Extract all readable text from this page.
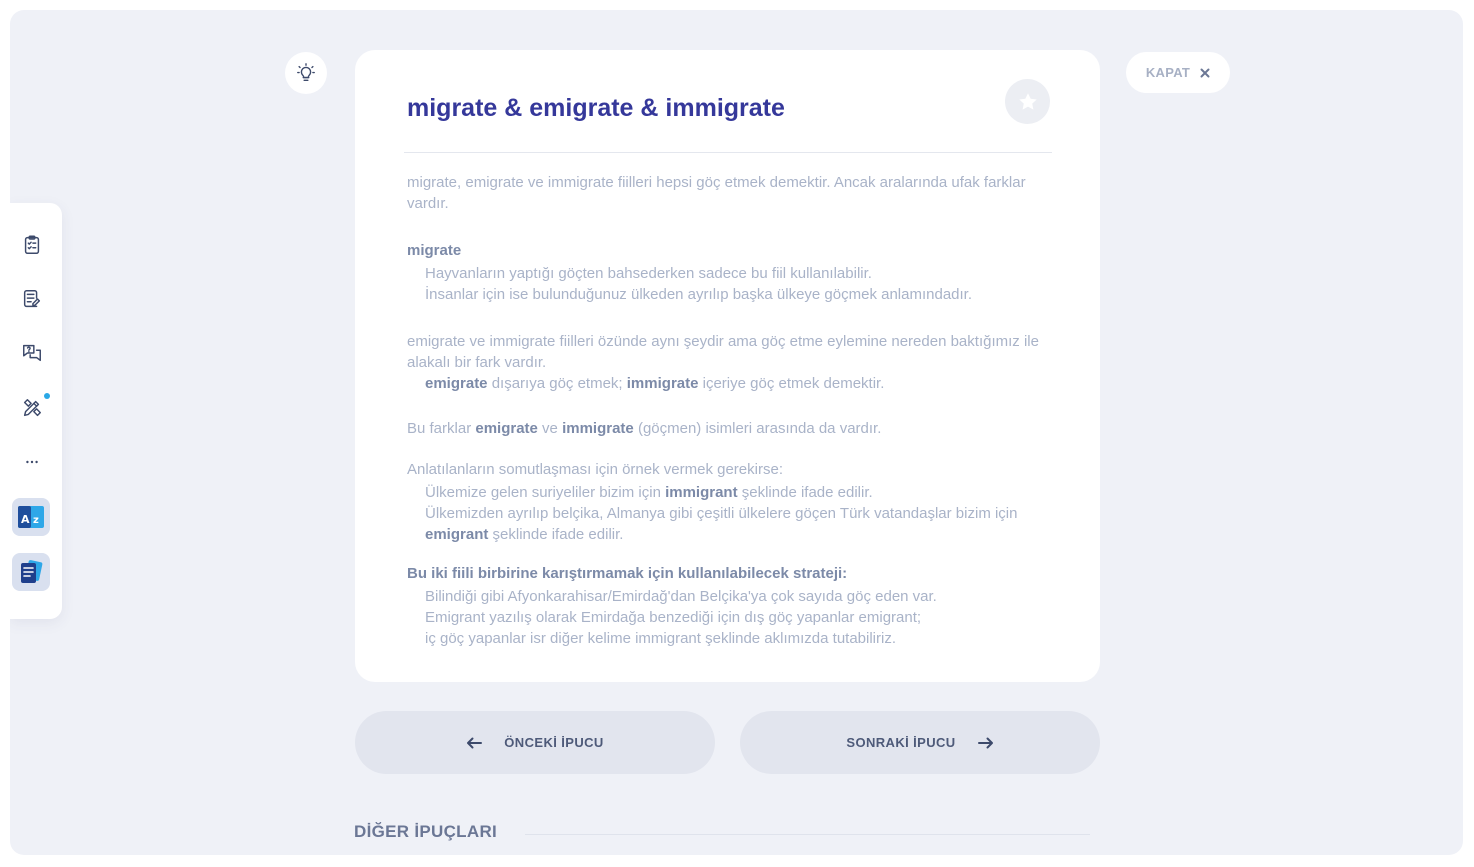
A z
migrate & emigrate & immigrate

migrate, emigrate ve immigrate fiilleri hepsi göç etmek demektir. Ancak aralarında ufak farklar vardır.

migrate

Hayvanların yaptığı göçten bahsederken sadece bu fiil kullanılabilir.

İnsanlar için ise bulunduğunuz ülkeden ayrılıp başka ülkeye göçmek anlamındadır.

emigrate ve immigrate fiilleri özünde aynı şeydir ama göç etme eylemine nereden baktığımız ile alakalı bir fark vardır.

emigrate dışarıya göç etmek; immigrate içeriye göç etmek demektir.

Bu farklar emigrate ve immigrate (göçmen) isimleri arasında da vardır.

Anlatılanların somutlaşması için örnek vermek gerekirse:

Ülkemize gelen suriyeliler bizim için immigrant şeklinde ifade edilir.

Ülkemizden ayrılıp belçika, Almanya gibi çeşitli ülkelere göçen Türk vatandaşlar bizim için emigrant şeklinde ifade edilir.

Bu iki fiili birbirine karıştırmamak için kullanılabilecek strateji:

Bilindiği gibi Afyonkarahisar/Emirdağ'dan Belçika'ya çok sayıda göç eden var.

Emigrant yazılış olarak Emirdağa benzediği için dış göç yapanlar emigrant;

iç göç yapanlar isr diğer kelime immigrant şeklinde aklımızda tutabiliriz.

KAPAT
ÖNCEKİ İPUCU	SONRAKİ İPUCU
DİĞER İPUÇLARI
